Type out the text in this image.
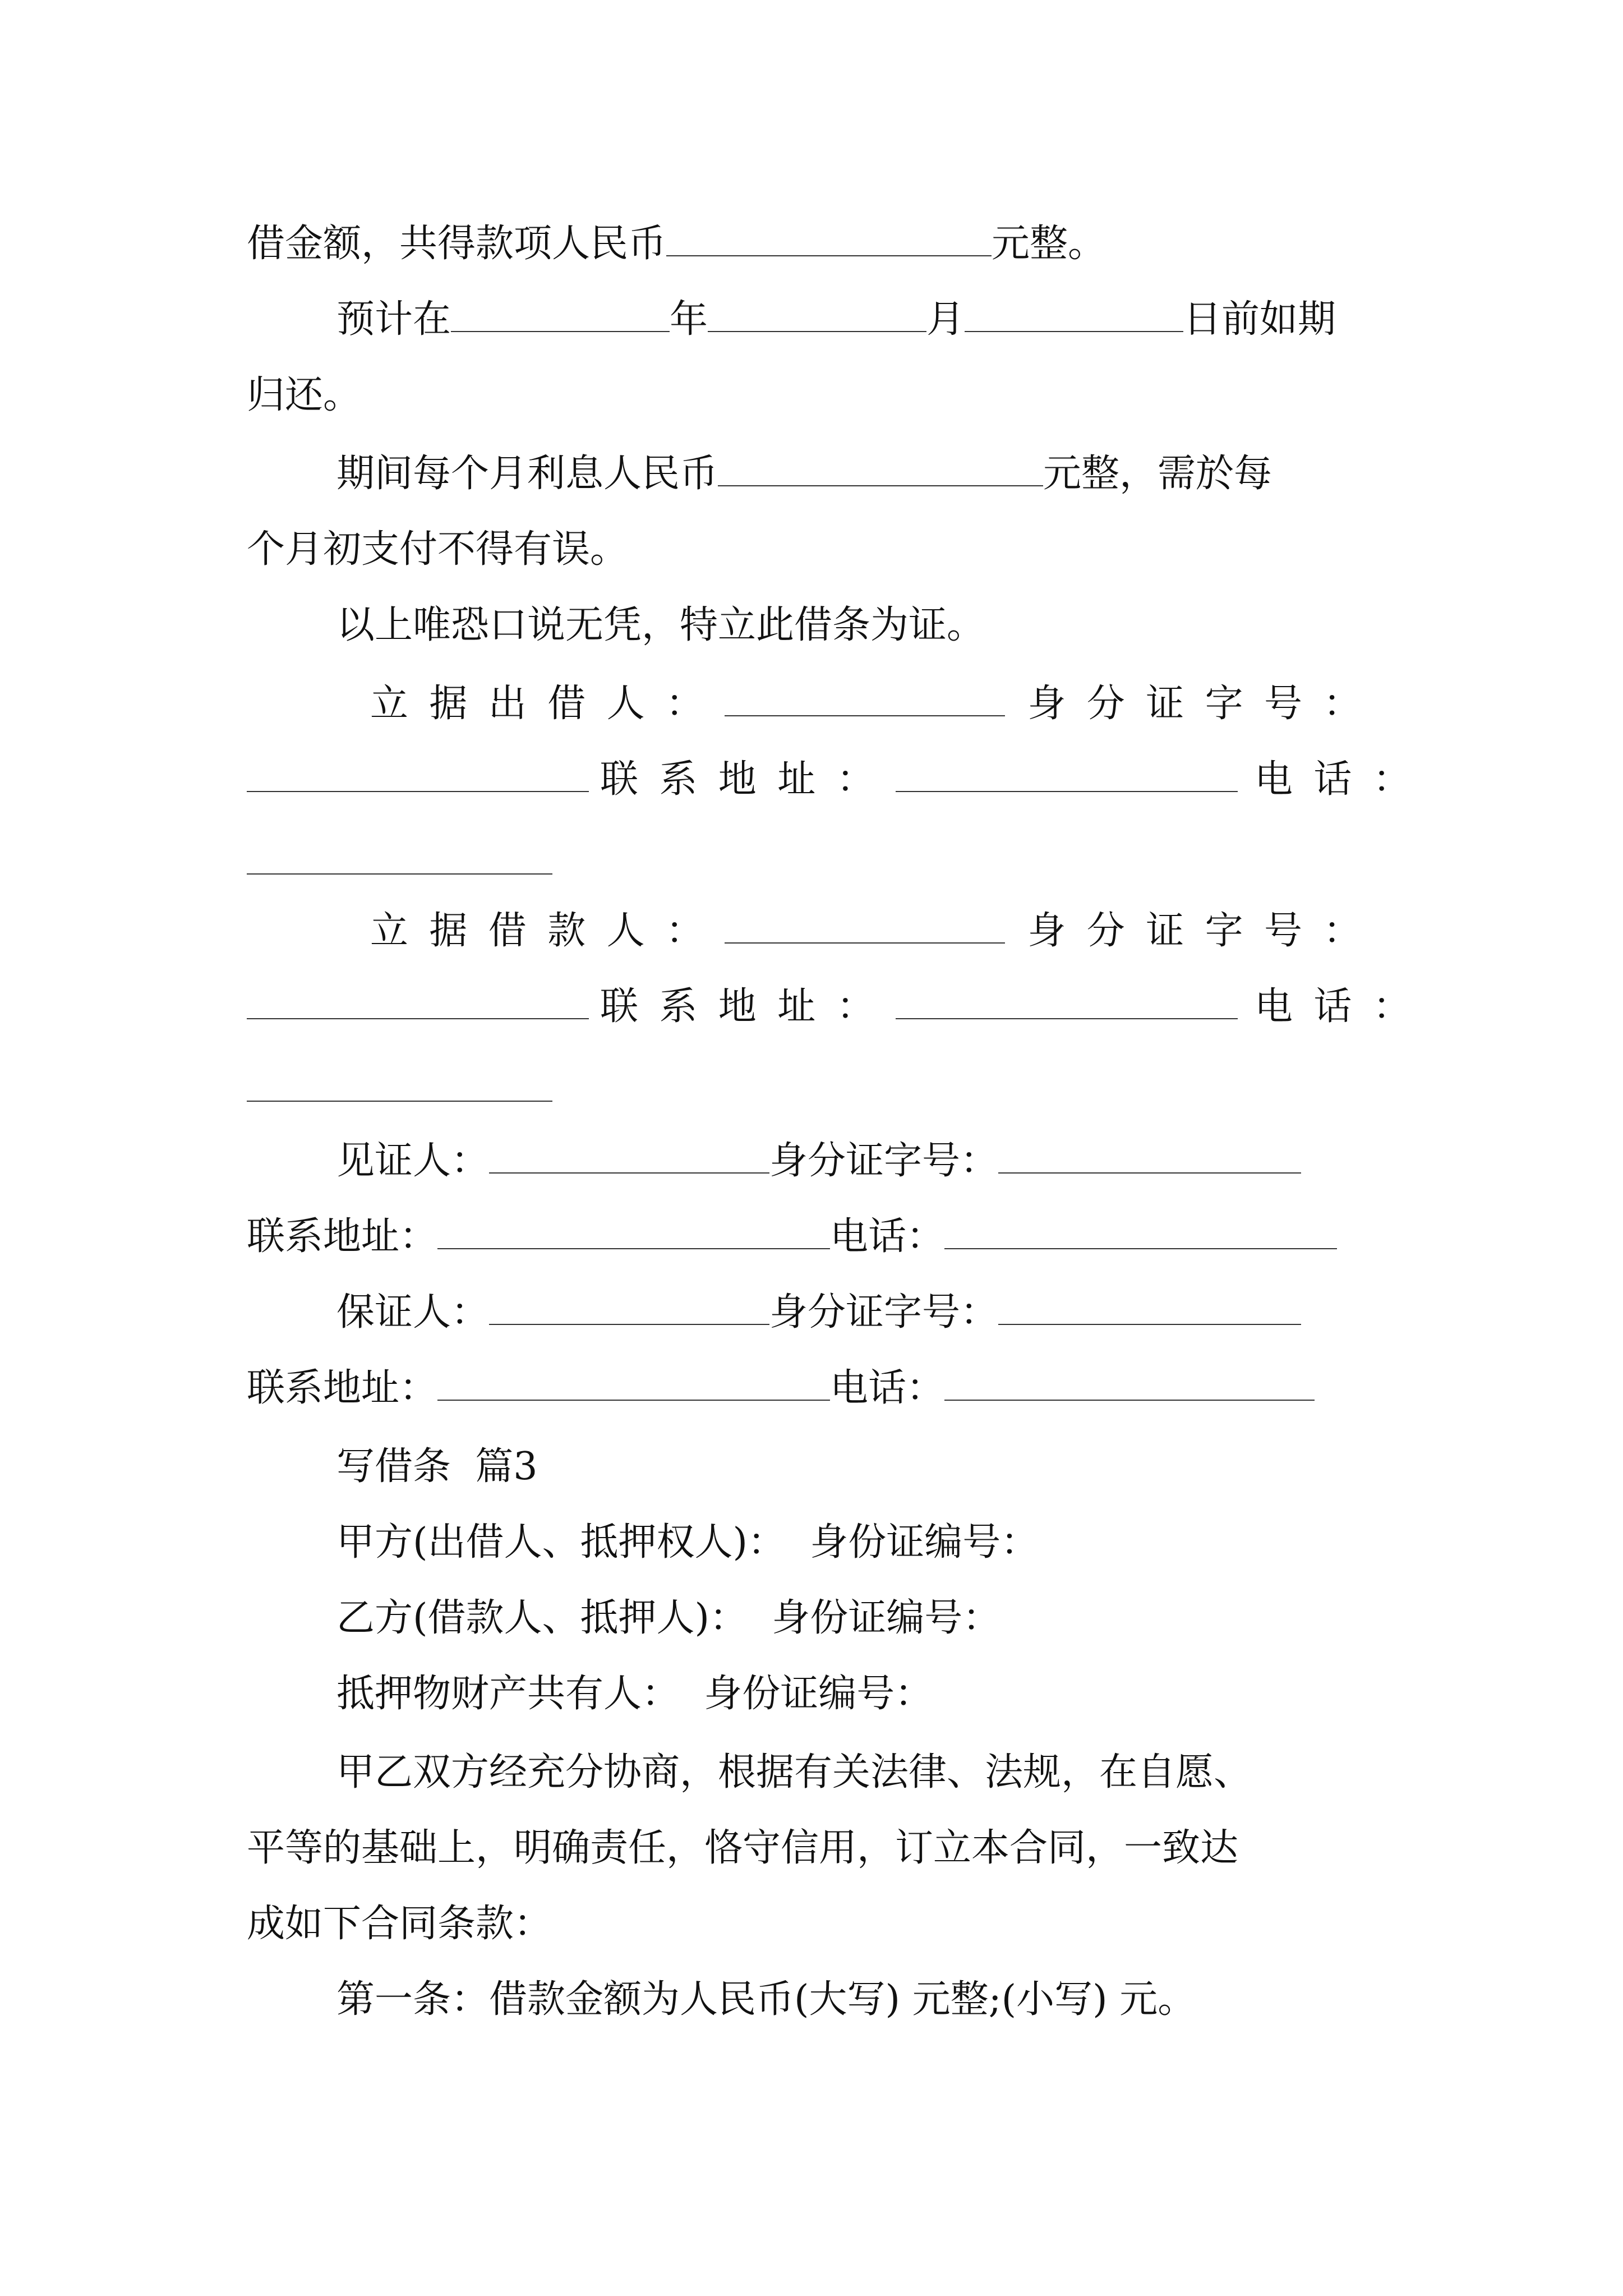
借金额，共得款项人民币	元整。
预计在	年	月	日前如期
归还。
期间每个月利息人民币	元整，需於每
个月初支付不得有误。
以上唯恐口说无凭，特立此借条为证。
立据出借人：	身分证字号：
联系地址：	电话：
立据借款人：	身分证字号：
联系地址：	电话：
见证人：	身分证字号：
联系地址：	电话：
保证人：	身分证字号：
联系地址：	电话：
写借条  篇3
甲方(出借人、抵押权人)：  身份证编号：
乙方(借款人、抵押人)：  身份证编号：
抵押物财产共有人：  身份证编号：
甲乙双方经充分协商，根据有关法律、法规，在自愿、
平等的基础上，明确责任，恪守信用，订立本合同，一致达
成如下合同条款：
第一条：借款金额为人民币(大写) 元整;(小写) 元。
